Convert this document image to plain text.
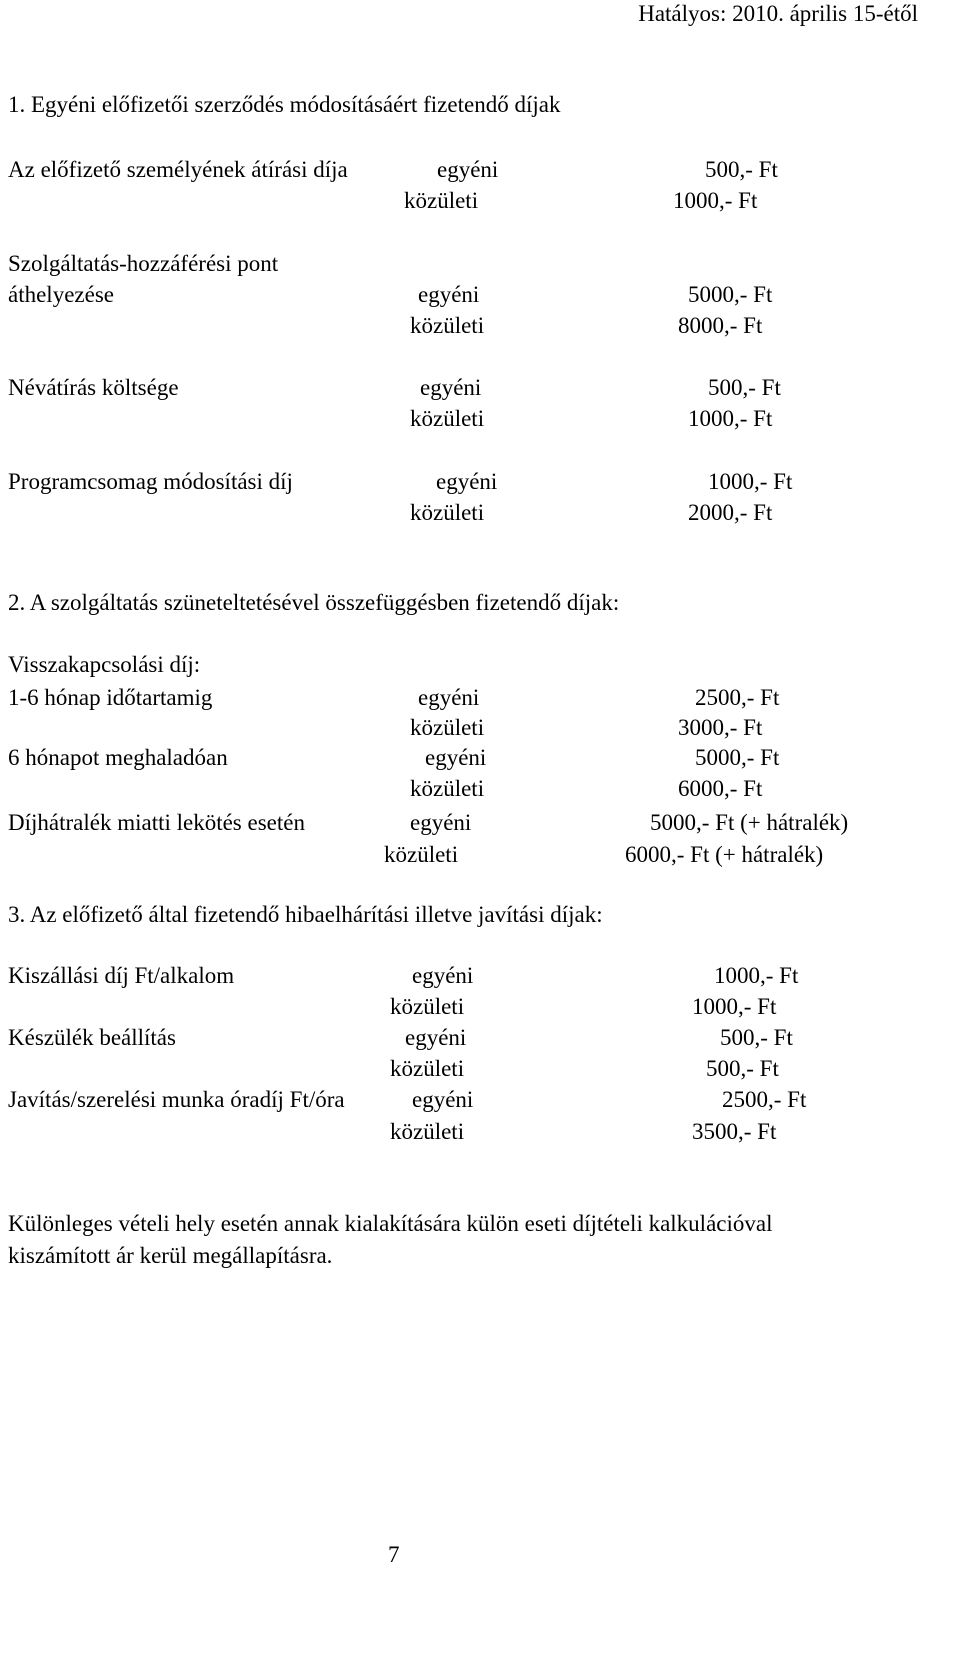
Hatályos: 2010. április 15-étől
1. Egyéni előfizetői szerződés módosításáért fizetendő díjak
Az előfizető személyének átírási díja	egyéni	500,- Ft
közületi	1000,- Ft
Szolgáltatás-hozzáférési pont
áthelyezése	egyéni	5000,- Ft
közületi	8000,- Ft
Névátírás költsége	egyéni	500,- Ft
közületi	1000,- Ft
Programcsomag módosítási díj	egyéni	1000,- Ft
közületi	2000,- Ft
2. A szolgáltatás szüneteltetésével összefüggésben fizetendő díjak:
Visszakapcsolási díj:
1-6 hónap időtartamig	egyéni	2500,- Ft
közületi	3000,- Ft
6 hónapot meghaladóan	egyéni	5000,- Ft
közületi	6000,- Ft
Díjhátralék miatti lekötés esetén	egyéni	5000,- Ft (+ hátralék)
közületi	6000,- Ft (+ hátralék)
3. Az előfizető által fizetendő hibaelhárítási illetve javítási díjak:
Kiszállási díj Ft/alkalom	egyéni	1000,- Ft
közületi	1000,- Ft
Készülék beállítás	egyéni	500,- Ft
közületi	500,- Ft
Javítás/szerelési munka óradíj Ft/óra	egyéni	2500,- Ft
közületi	3500,- Ft
Különleges vételi hely esetén annak kialakítására külön eseti díjtételi kalkulációval
kiszámított ár kerül megállapításra.
7
